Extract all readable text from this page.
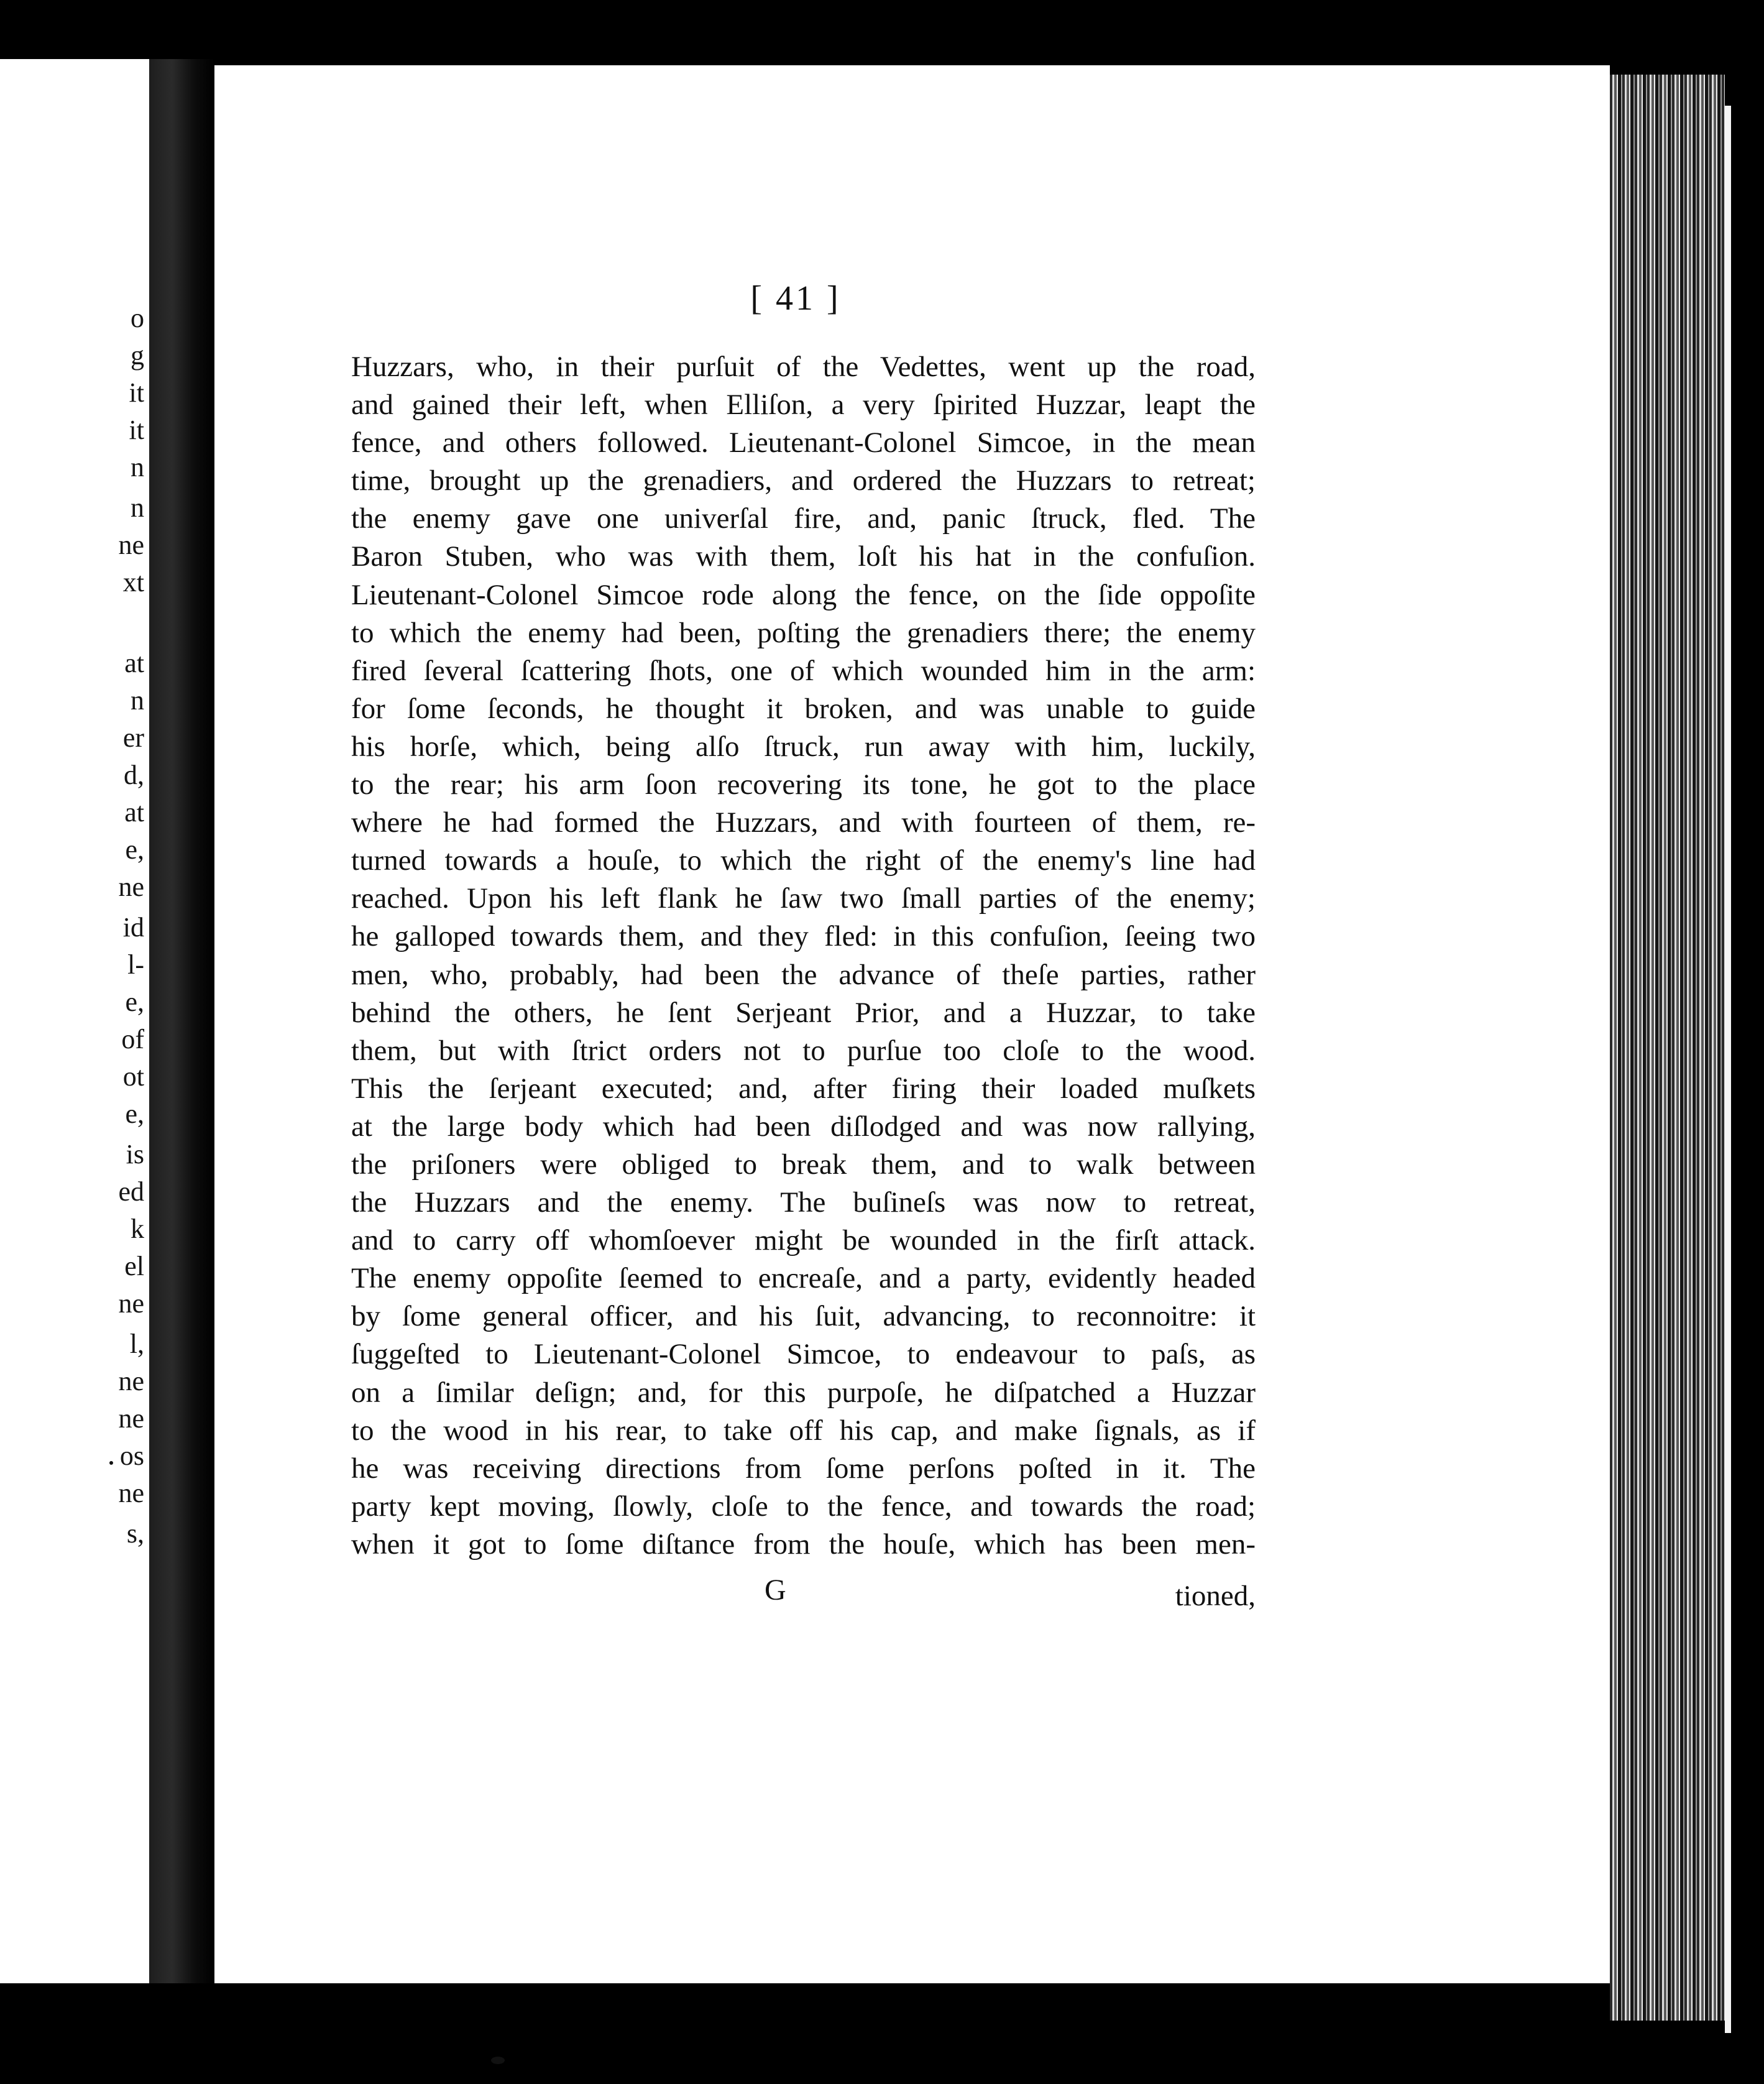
o
g
it
it
n
n
ne
xt
at
n
er
d,
at
e,
ne
id
l-
e,
of
ot
e,
is
ed
k
el
ne
l,
ne
ne
os
ne
s,
[ 41 ]
Huzzars, who, in their purſuit of the Vedettes, went up the road,
and gained their left, when Elliſon, a very ſpirited Huzzar, leapt the
fence, and others followed. Lieutenant-Colonel Simcoe, in the mean
time, brought up the grenadiers, and ordered the Huzzars to retreat;
the enemy gave one univerſal fire, and, panic ſtruck, fled. The
Baron Stuben, who was with them, loſt his hat in the confuſion.
Lieutenant-Colonel Simcoe rode along the fence, on the ſide oppoſite
to which the enemy had been, poſting the grenadiers there; the enemy
fired ſeveral ſcattering ſhots, one of which wounded him in the arm:
for ſome ſeconds, he thought it broken, and was unable to guide
his horſe, which, being alſo ſtruck, run away with him, luckily,
to the rear; his arm ſoon recovering its tone, he got to the place
where he had formed the Huzzars, and with fourteen of them, re-
turned towards a houſe, to which the right of the enemy's line had
reached. Upon his left flank he ſaw two ſmall parties of the enemy;
he galloped towards them, and they fled: in this confuſion, ſeeing two
men, who, probably, had been the advance of theſe parties, rather
behind the others, he ſent Serjeant Prior, and a Huzzar, to take
them, but with ſtrict orders not to purſue too cloſe to the wood.
This the ſerjeant executed; and, after firing their loaded muſkets
at the large body which had been diſlodged and was now rallying,
the priſoners were obliged to break them, and to walk between
the Huzzars and the enemy. The buſineſs was now to retreat,
and to carry off whomſoever might be wounded in the firſt attack.
The enemy oppoſite ſeemed to encreaſe, and a party, evidently headed
by ſome general officer, and his ſuit, advancing, to reconnoitre: it
ſuggeſted to Lieutenant-Colonel Simcoe, to endeavour to paſs, as
on a ſimilar deſign; and, for this purpoſe, he diſpatched a Huzzar
to the wood in his rear, to take off his cap, and make ſignals, as if
he was receiving directions from ſome perſons poſted in it. The
party kept moving, ſlowly, cloſe to the fence, and towards the road;
when it got to ſome diſtance from the houſe, which has been men-
G	tioned,
